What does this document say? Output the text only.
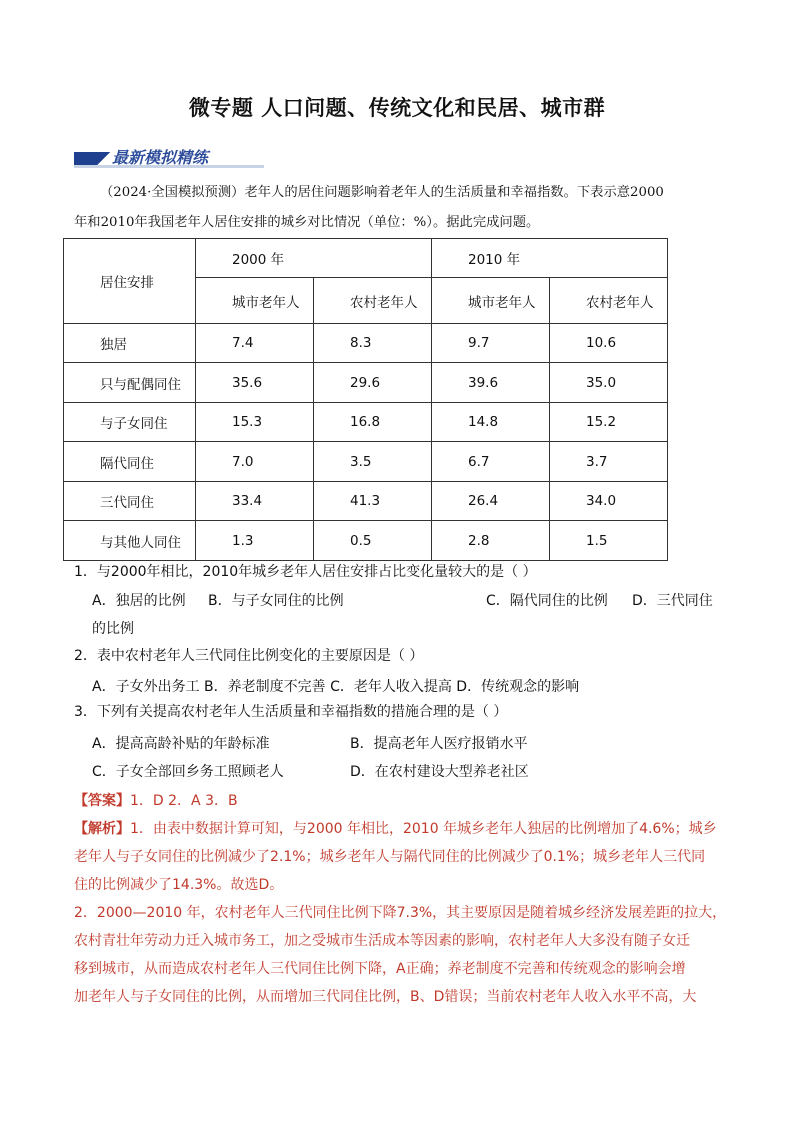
微专题 人口问题、传统文化和民居、城市群
最新模拟精练
（2024·全国模拟预测）老年人的居住问题影响着老年人的生活质量和幸福指数。下表示意2000
年和2010年我国老年人居住安排的城乡对比情况（单位：%）。据此完成问题。
居住安排	2000 年		2010 年	
	城市老年人	农村老年人	城市老年人	农村老年人
独居	7.4	8.3	9.7	10.6
只与配偶同住	35.6	29.6	39.6	35.0
与子女同住	15.3	16.8	14.8	15.2
隔代同住	7.0	3.5	6.7	3.7
三代同住	33.4	41.3	26.4	34.0
与其他人同住	1.3	0.5	2.8	1.5
1．与2000年相比，2010年城乡老年人居住安排占比变化量较大的是（ ）
A．独居的比例 B．与子女同住的比例	C．隔代同住的比例 D．三代同住
的比例
2．表中农村老年人三代同住比例变化的主要原因是（ ）
A．子女外出务工 B．养老制度不完善 C．老年人收入提高 D．传统观念的影响
3．下列有关提高农村老年人生活质量和幸福指数的措施合理的是（ ）
A．提高高龄补贴的年龄标准	B．提高老年人医疗报销水平
C．子女全部回乡务工照顾老人	D．在农村建设大型养老社区
【答案】1．D 2．A 3．B
【解析】1．由表中数据计算可知，与2000 年相比，2010 年城乡老年人独居的比例增加了4.6%；城乡
老年人与子女同住的比例减少了2.1%；城乡老年人与隔代同住的比例减少了0.1%；城乡老年人三代同
住的比例减少了14.3%。故选D。
2．2000—2010 年，农村老年人三代同住比例下降7.3%，其主要原因是随着城乡经济发展差距的拉大，
农村青壮年劳动力迁入城市务工，加之受城市生活成本等因素的影响，农村老年人大多没有随子女迁
移到城市，从而造成农村老年人三代同住比例下降，A正确；养老制度不完善和传统观念的影响会增
加老年人与子女同住的比例，从而增加三代同住比例，B、D错误；当前农村老年人收入水平不高，大
